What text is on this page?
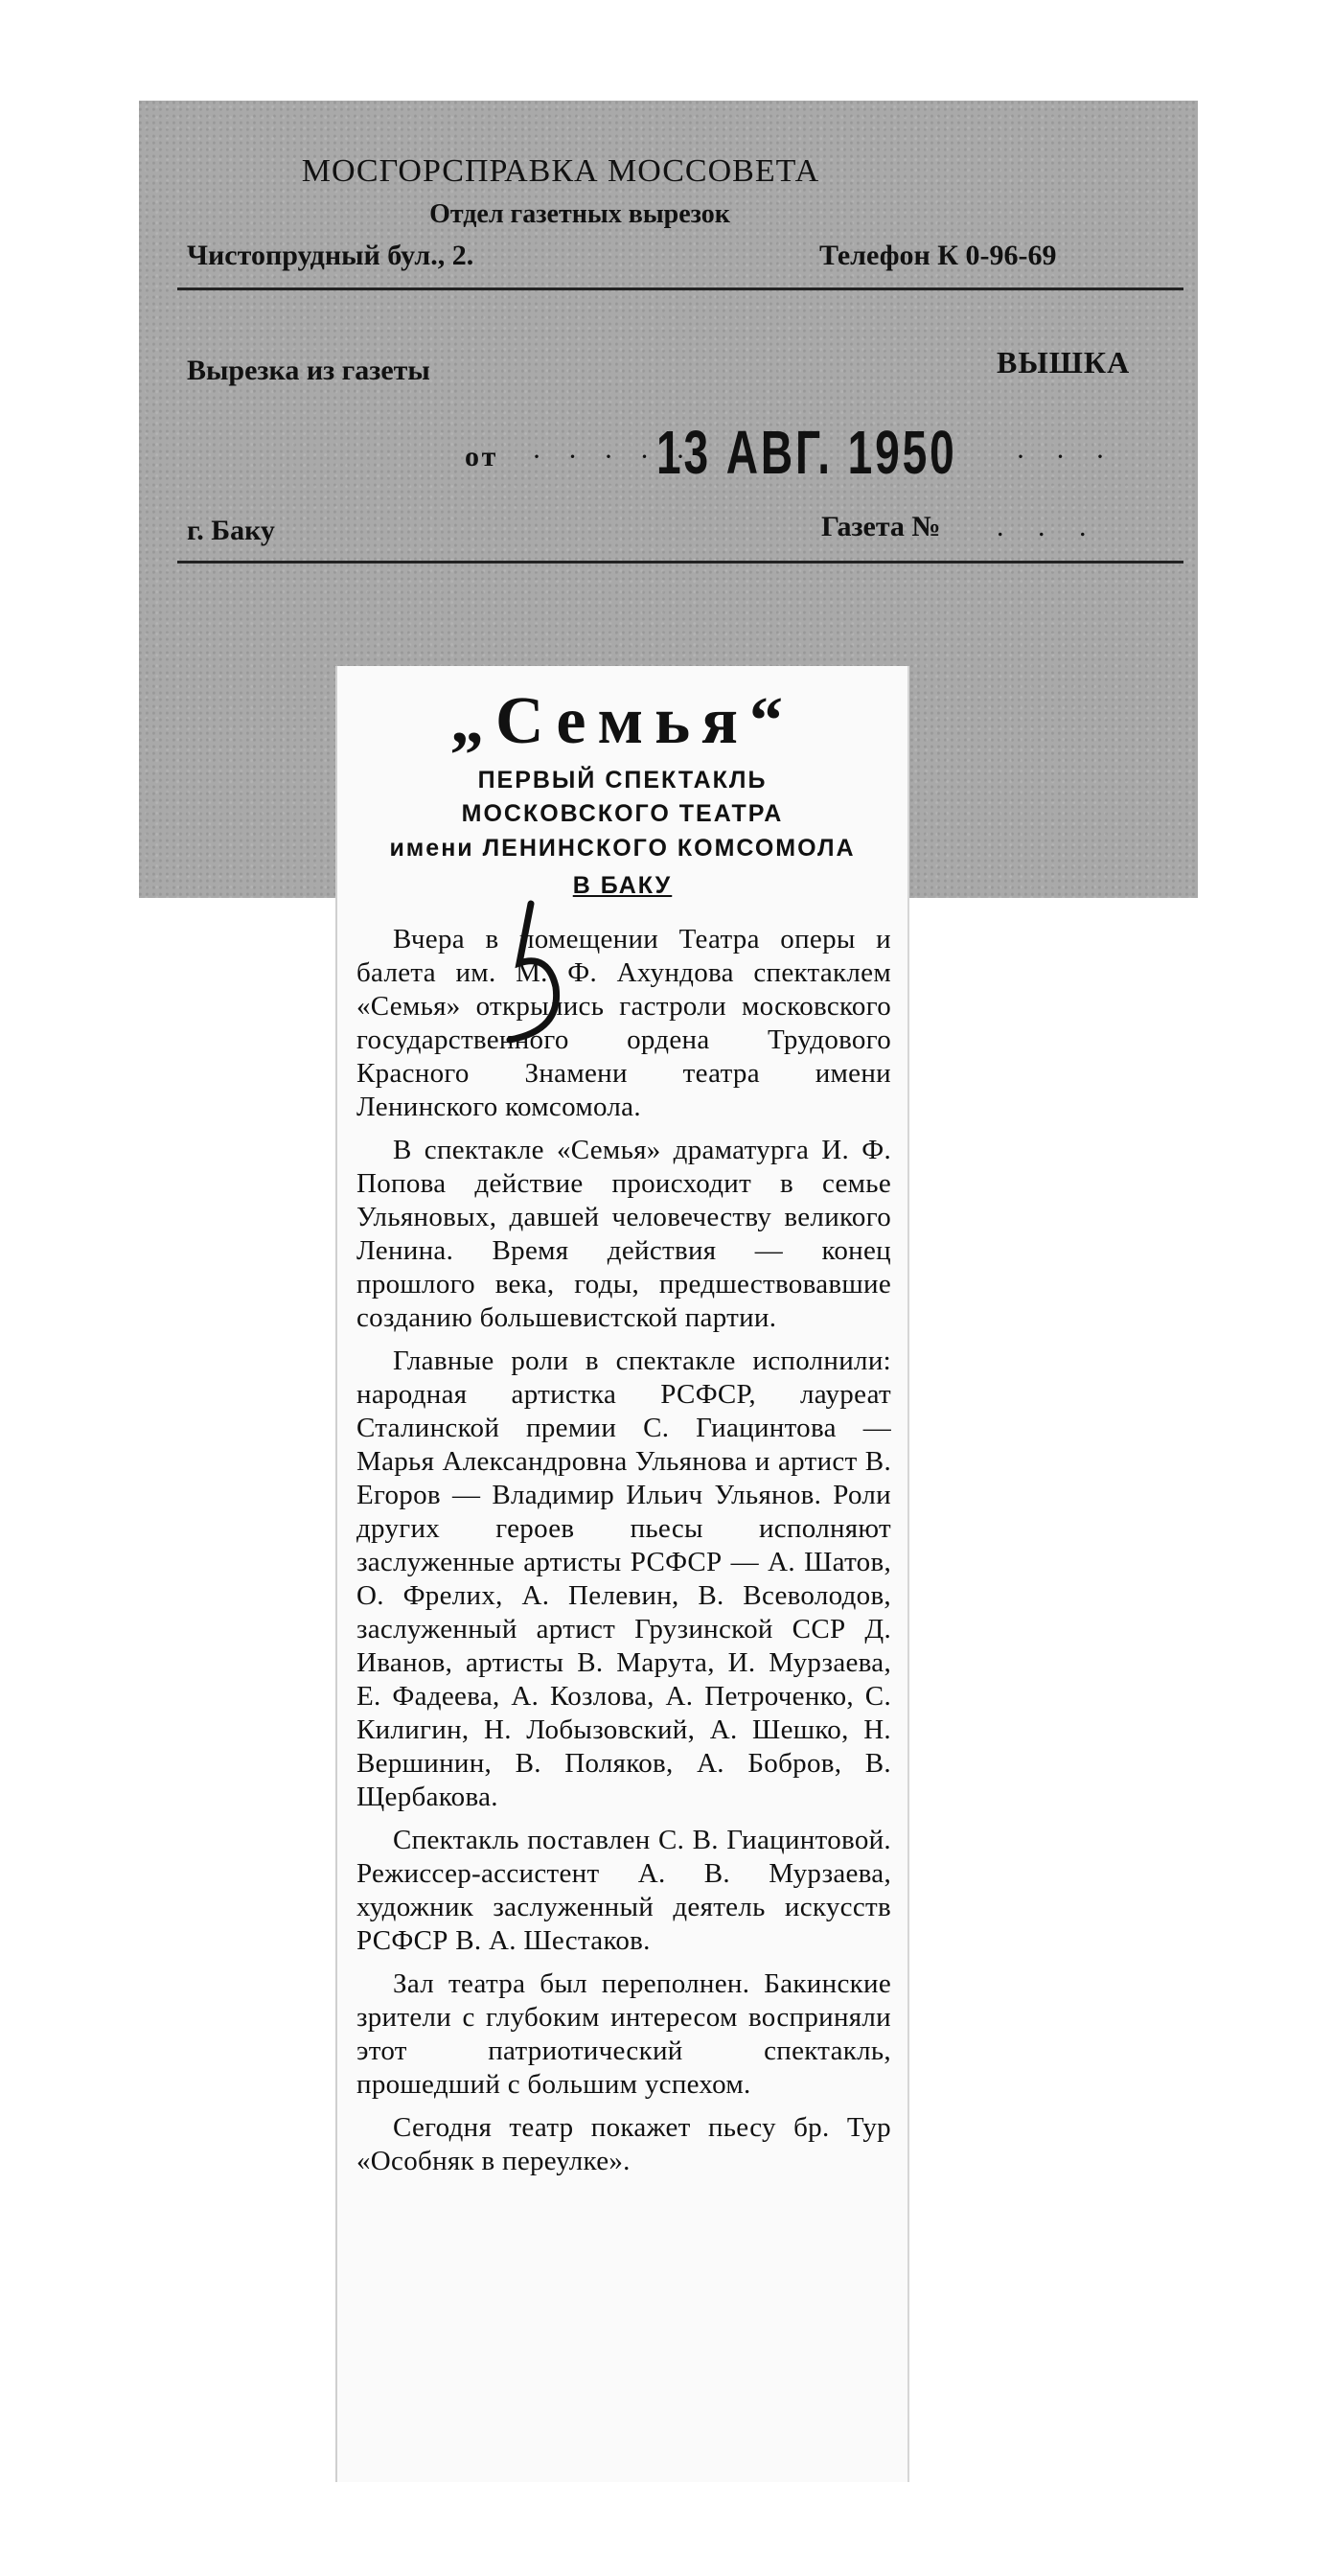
МОСГОРСПРАВКА МОССОВЕТА
Отдел газетных вырезок
Чистопрудный бул., 2.	Телефон К 0-96-69
Вырезка из газеты	ВЫШКА
от · · · · ·
13 АВГ. 1950 · · ·
г. Баку	Газета № . . .
„Семья“
ПЕРВЫЙ СПЕКТАКЛЬ
МОСКОВСКОГО ТЕАТРА
имени ЛЕНИНСКОГО КОМСОМОЛА
В БАКУ

Вчера в помещении Театра оперы и балета им. М. Ф. Ахундова спектаклем «Семья» открылись гастроли московского государственного ордена Трудового Красного Знамени театра имени Ленинского комсомола.

В спектакле «Семья» драматурга И. Ф. Попова действие происходит в семье Ульяновых, давшей человечеству великого Ленина. Время действия — конец прошлого века, годы, предшествовавшие созданию большевистской партии.

Главные роли в спектакле исполнили: народная артистка РСФСР, лауреат Сталинской премии С. Гиацинтова — Марья Александровна Ульянова и артист В. Егоров — Владимир Ильич Ульянов. Роли других героев пьесы исполняют заслуженные артисты РСФСР — А. Шатов, О. Фрелих, А. Пелевин, В. Всеволодов, заслуженный артист Грузинской ССР Д. Иванов, артисты В. Марута, И. Мурзаева, Е. Фадеева, А. Козлова, А. Петроченко, С. Килигин, Н. Лобызовский, А. Шешко, Н. Вершинин, В. Поляков, А. Бобров, В. Щербакова.

Спектакль поставлен С. В. Гиацинтовой. Режиссер-ассистент А. В. Мурзаева, художник заслуженный деятель искусств РСФСР В. А. Шестаков.

Зал театра был переполнен. Бакинские зрители с глубоким интересом восприняли этот патриотический спектакль, прошедший с большим успехом.

Сегодня театр покажет пьесу бр. Тур «Особняк в переулке».
